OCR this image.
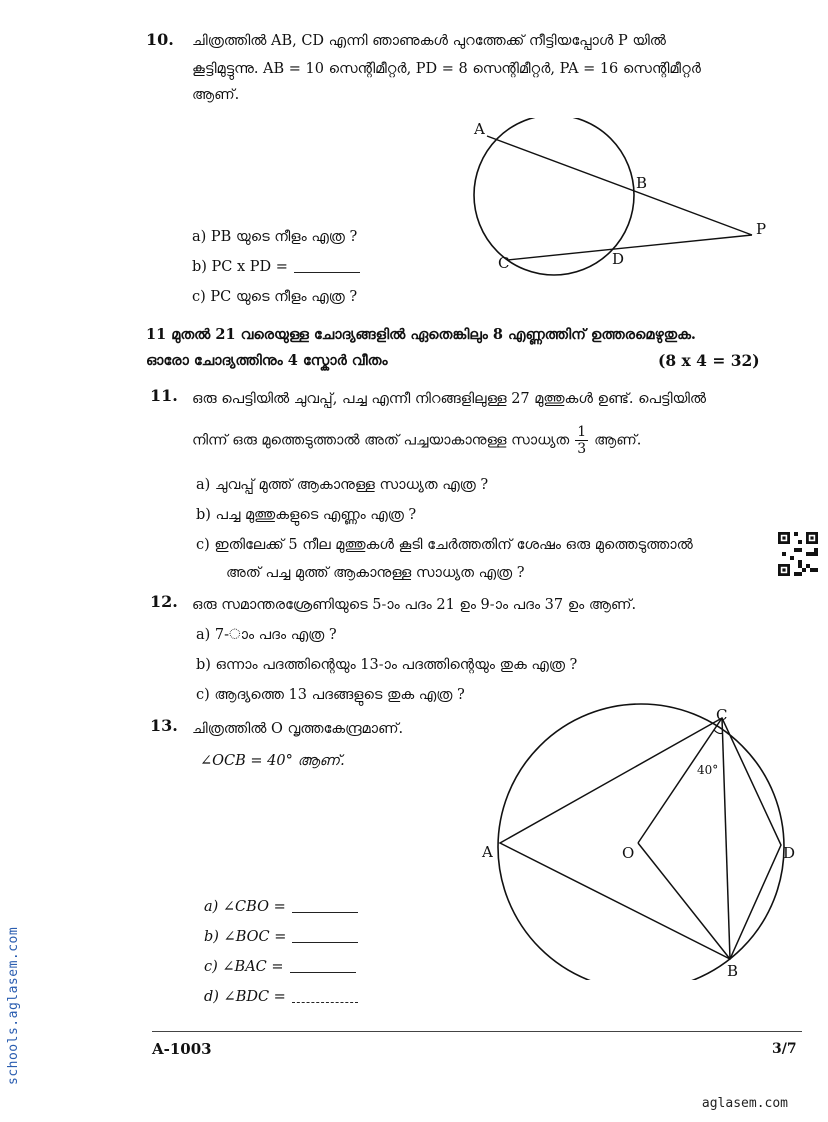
10. ചിത്രത്തിൽ AB, CD എന്നി ഞാണുകൾ പുറത്തേക്ക് നീട്ടിയപ്പോൾ P യിൽ
കൂട്ടിമുട്ടുന്നു. AB = 10 സെന്റിമീറ്റർ, PD = 8 സെന്റിമീറ്റർ, PA = 16 സെന്റിമീറ്റർ
ആണ്.
A
B
C	D
P
a) PB യുടെ നീളം എത്ര ?
b) PC x PD =
c) PC യുടെ നീളം എത്ര ?
11 മുതൽ 21 വരെയുള്ള ചോദ്യങ്ങളിൽ ഏതെങ്കിലും 8 എണ്ണത്തിന് ഉത്തരമെഴുതുക.
ഓരോ ചോദ്യത്തിനും 4 സ്കോർ വീതം	(8 x 4 = 32)
11. ഒരു പെട്ടിയിൽ ചുവപ്പ്, പച്ച എന്നീ നിറങ്ങളിലുള്ള 27 മുത്തുകൾ ഉണ്ട്. പെട്ടിയിൽ
നിന്ന് ഒരു മുത്തെടുത്താൽ അത് പച്ചയാകാനുള്ള സാധ്യത $\frac{1}{3}$ ആണ്.
a) ചുവപ്പ് മുത്ത് ആകാനുള്ള സാധ്യത എത്ര ?
b) പച്ച മുത്തുകളുടെ എണ്ണം എത്ര ?
c) ഇതിലേക്ക് 5 നീല മുത്തുകൾ കൂടി ചേർത്തതിന് ശേഷം ഒരു മുത്തെടുത്താൽ
അത് പച്ച മുത്ത് ആകാനുള്ള സാധ്യത എത്ര ?
12. ഒരു സമാന്തരശ്രേണിയുടെ 5-ാം പദം 21 ഉം 9-ാം പദം 37 ഉം ആണ്.
a) 7-ാം പദം എത്ര ?
b) ഒന്നാം പദത്തിന്റെയും 13-ാം പദത്തിന്റെയും തുക എത്ര ?
c) ആദ്യത്തെ 13 പദങ്ങളുടെ തുക എത്ര ?
13. ചിത്രത്തിൽ O വൃത്തകേന്ദ്രമാണ്.
∠OCB = 40° ആണ്.
C
A	O	D
B
40°
a) ∠CBO =
b) ∠BOC =
c) ∠BAC =
d) ∠BDC =
A-1003	3/7
schools.aglasem.com
aglasem.com
